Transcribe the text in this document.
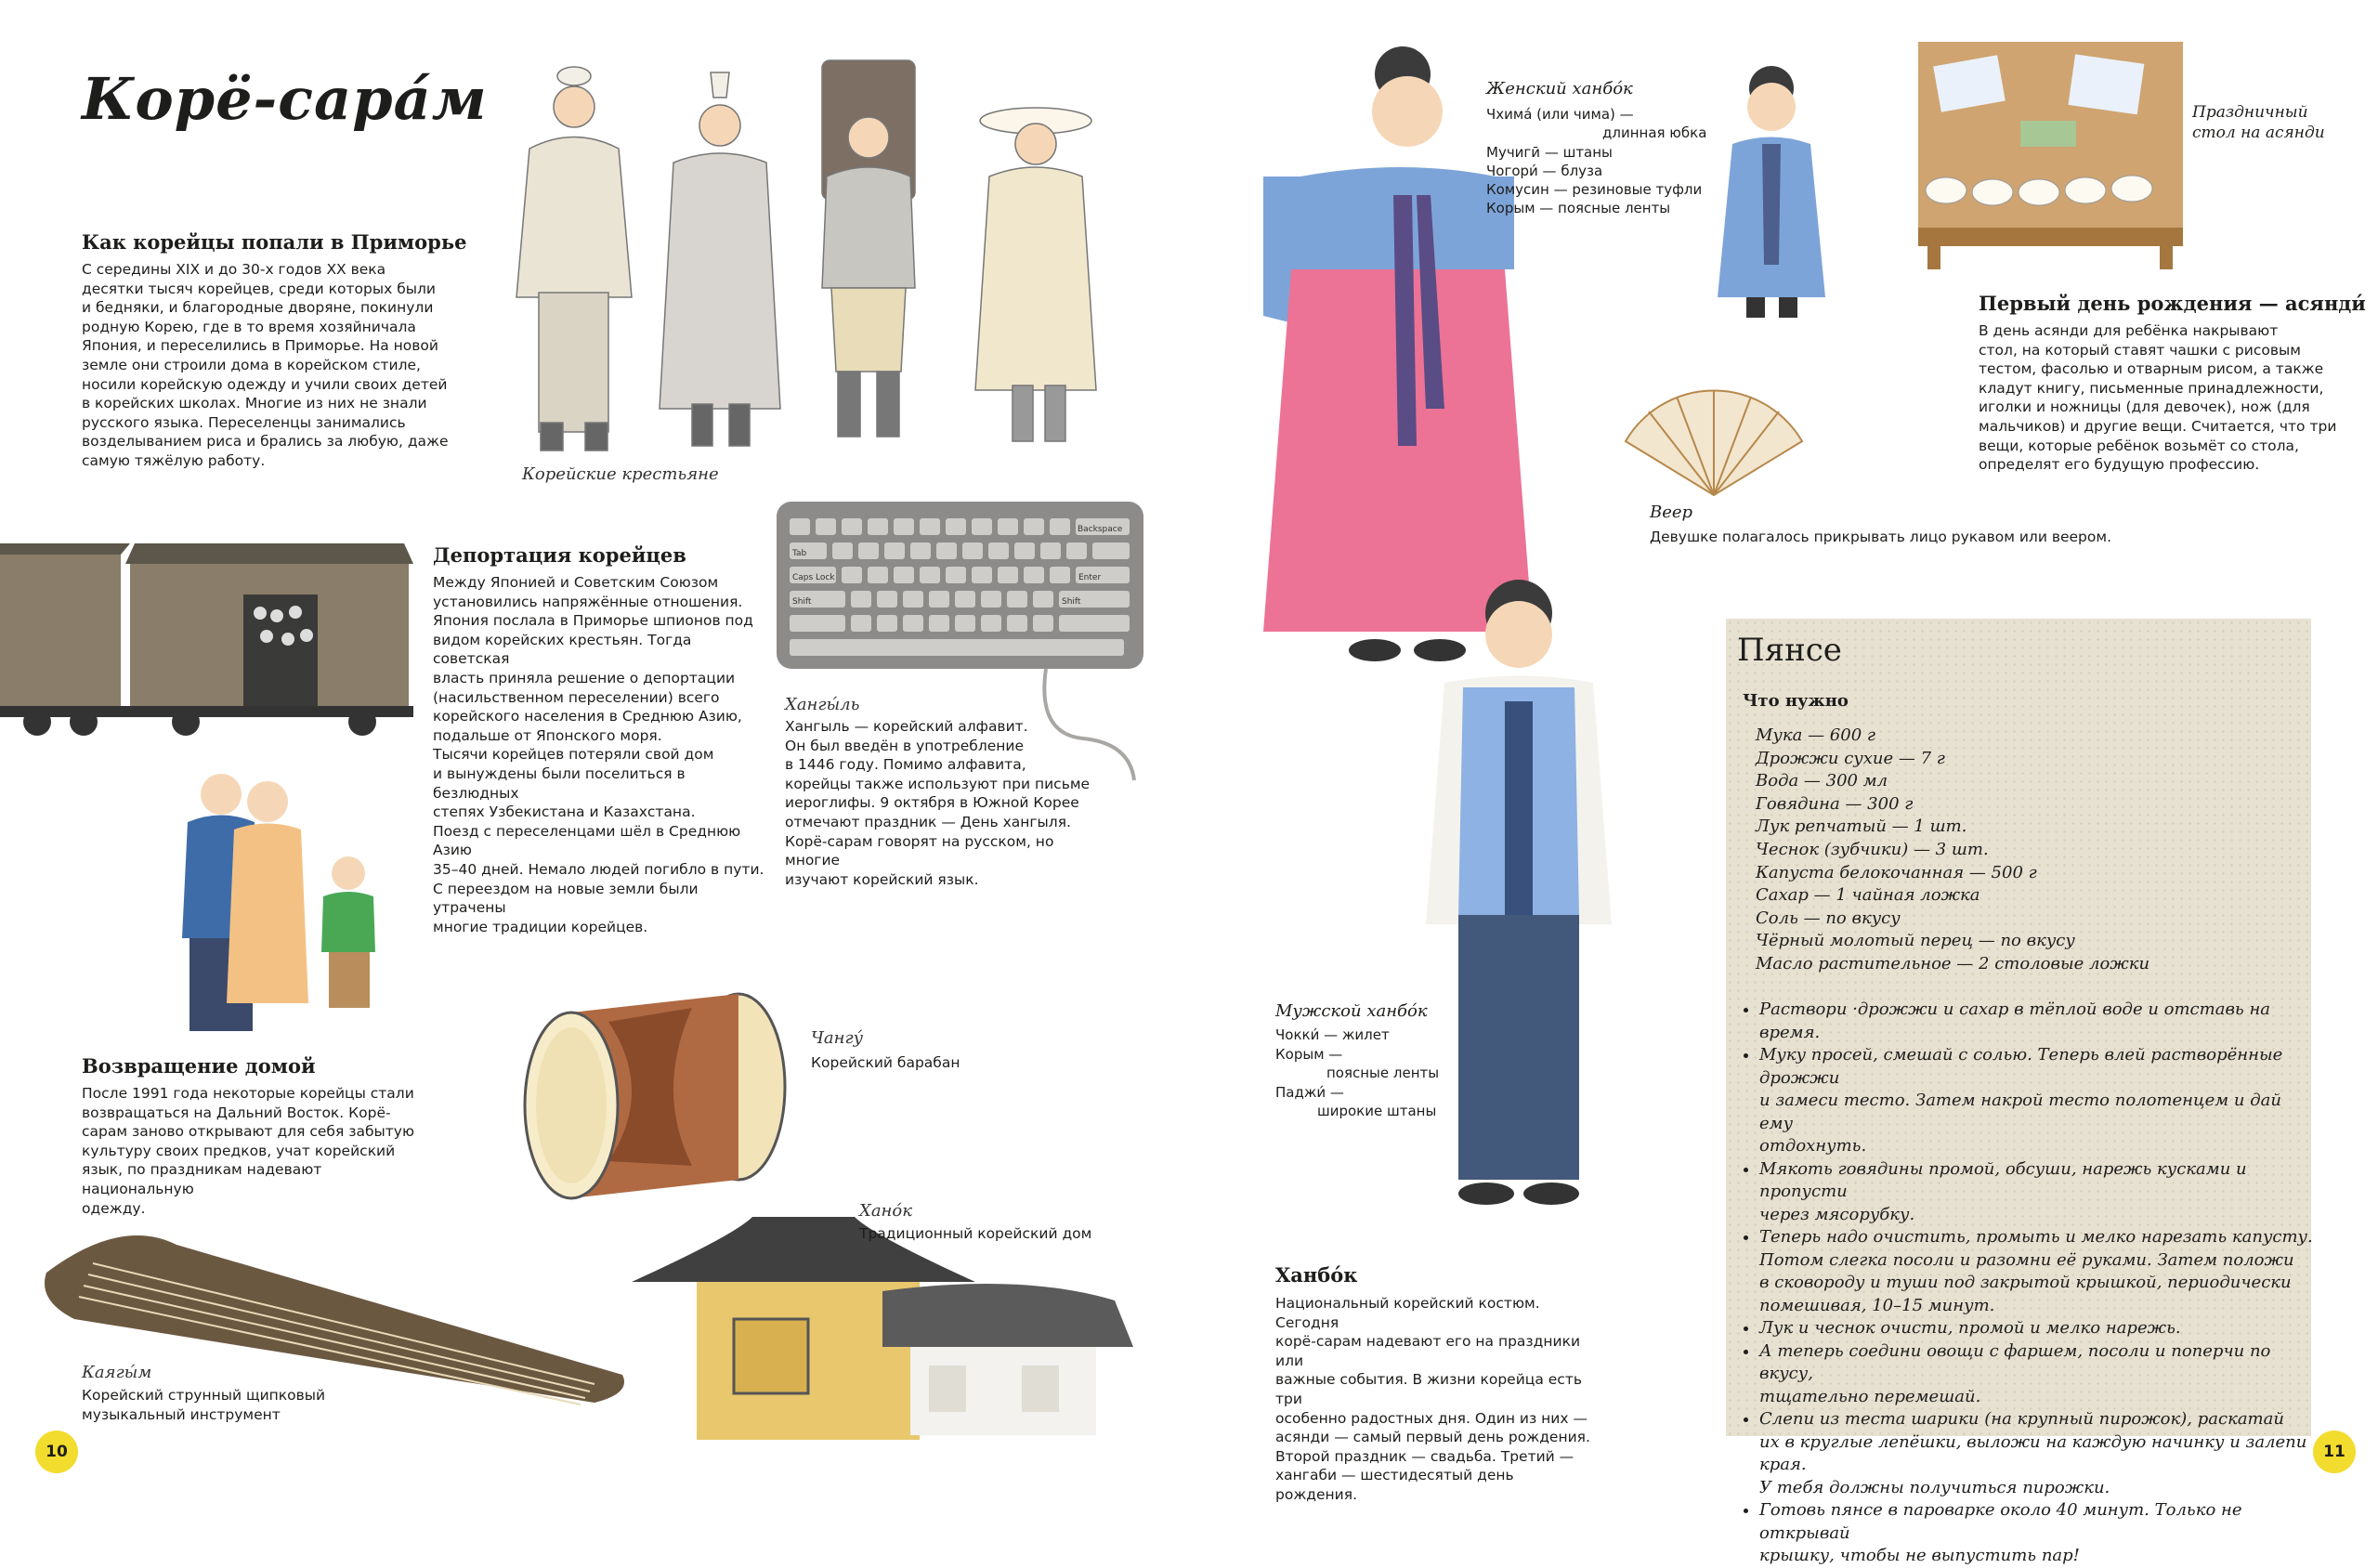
Корё-сара́м
Как корейцы попали в Приморье
С середины XIX и до 30-х годов XX века
десятки тысяч корейцев, среди которых были
и бедняки, и благородные дворяне, покинули
родную Корею, где в то время хозяйничала
Япония, и переселились в Приморье. На новой
земле они строили дома в корейском стиле,
носили корейскую одежду и учили своих детей
в корейских школах. Многие из них не знали
русского языка. Переселенцы занимались
возделыванием риса и брались за любую, даже
самую тяжёлую работу.
Корейские крестьяне
Депортация корейцев
Между Японией и Советским Союзом
установились напряжённые отношения.
Япония послала в Приморье шпионов под
видом корейских крестьян. Тогда советская
власть приняла решение о депортации
(насильственном переселении) всего
корейского населения в Среднюю Азию,
подальше от Японского моря.
Тысячи корейцев потеряли свой дом
и вынуждены были поселиться в безлюдных
степях Узбекистана и Казахстана.
Поезд с переселенцами шёл в Среднюю Азию
35–40 дней. Немало людей погибло в пути.
С переездом на новые земли были утрачены
многие традиции корейцев.
Tab
Caps Lock
Shift	Shift
Backspace
Enter
Хангы́ль
Хангыль — корейский алфавит.
Он был введён в употребление
в 1446 году. Помимо алфавита,
корейцы также используют при письме
иероглифы. 9 октября в Южной Корее
отмечают праздник — День хангыля.
Корё-сарам говорят на русском, но многие
изучают корейский язык.
Возвращение домой
После 1991 года некоторые корейцы стали
возвращаться на Дальний Восток. Корё-
сарам заново открывают для себя забытую
культуру своих предков, учат корейский
язык, по праздникам надевают национальную
одежду.
Чангу́
Корейский барабан
Хано́к
Традиционный корейский дом
Каягы́м
Корейский струнный щипковый
музыкальный инструмент
10
Женский ханбо́к
Чхима́ (или чима) —
длинная юбка
Мучигӣ — штаны
Чогори́ — блуза
Комусин — резиновые туфли
Корым — поясные ленты
Праздничный
стол на асянди
Первый день рождения — асянди́
В день асянди для ребёнка накрывают
стол, на который ставят чашки с рисовым
тестом, фасолью и отварным рисом, а также
кладут книгу, письменные принадлежности,
иголки и ножницы (для девочек), нож (для
мальчиков) и другие вещи. Считается, что три
вещи, которые ребёнок возьмёт со стола,
определят его будущую профессию.
Веер
Девушке полагалось прикрывать лицо рукавом или веером.
Мужской ханбо́к
Чокки́ — жилет
Корым —
поясные ленты
Паджи́ —
широкие штаны
Ханбо́к
Национальный корейский костюм. Сегодня
корё-сарам надевают его на праздники или
важные события. В жизни корейца есть три
особенно радостных дня. Один из них —
асянди — самый первый день рождения.
Второй праздник — свадьба. Третий —
хангаби — шестидесятый день рождения.
Пянсе
Что нужно
Мука — 600 г
Дрожжи сухие — 7 г
Вода — 300 мл
Говядина — 300 г
Лук репчатый — 1 шт.
Чеснок (зубчики) — 3 шт.
Капуста белокочанная — 500 г
Сахар — 1 чайная ложка
Соль — по вкусу
Чёрный молотый перец — по вкусу
Масло растительное — 2 столовые ложки
• Раствори ·дрожжи и сахар в тёплой воде и отставь на время.
• Муку просей, смешай с солью. Теперь влей растворённые дрожжи
и замеси тесто. Затем накрой тесто полотенцем и дай ему
отдохнуть.
• Мякоть говядины промой, обсуши, нарежь кусками и пропусти
через мясорубку.
• Теперь надо очистить, промыть и мелко нарезать капусту.
Потом слегка посоли и разомни её руками. Затем положи
в сковороду и туши под закрытой крышкой, периодически
помешивая, 10–15 минут.
• Лук и чеснок очисти, промой и мелко нарежь.
• А теперь соедини овощи с фаршем, посоли и поперчи по вкусу,
тщательно перемешай.
• Слепи из теста шарики (на крупный пирожок), раскатай
их в круглые лепёшки, выложи на каждую начинку и залепи края.
У тебя должны получиться пирожки.
• Готовь пянсе в пароварке около 40 минут. Только не открывай
крышку, чтобы не выпустить пар!
11
